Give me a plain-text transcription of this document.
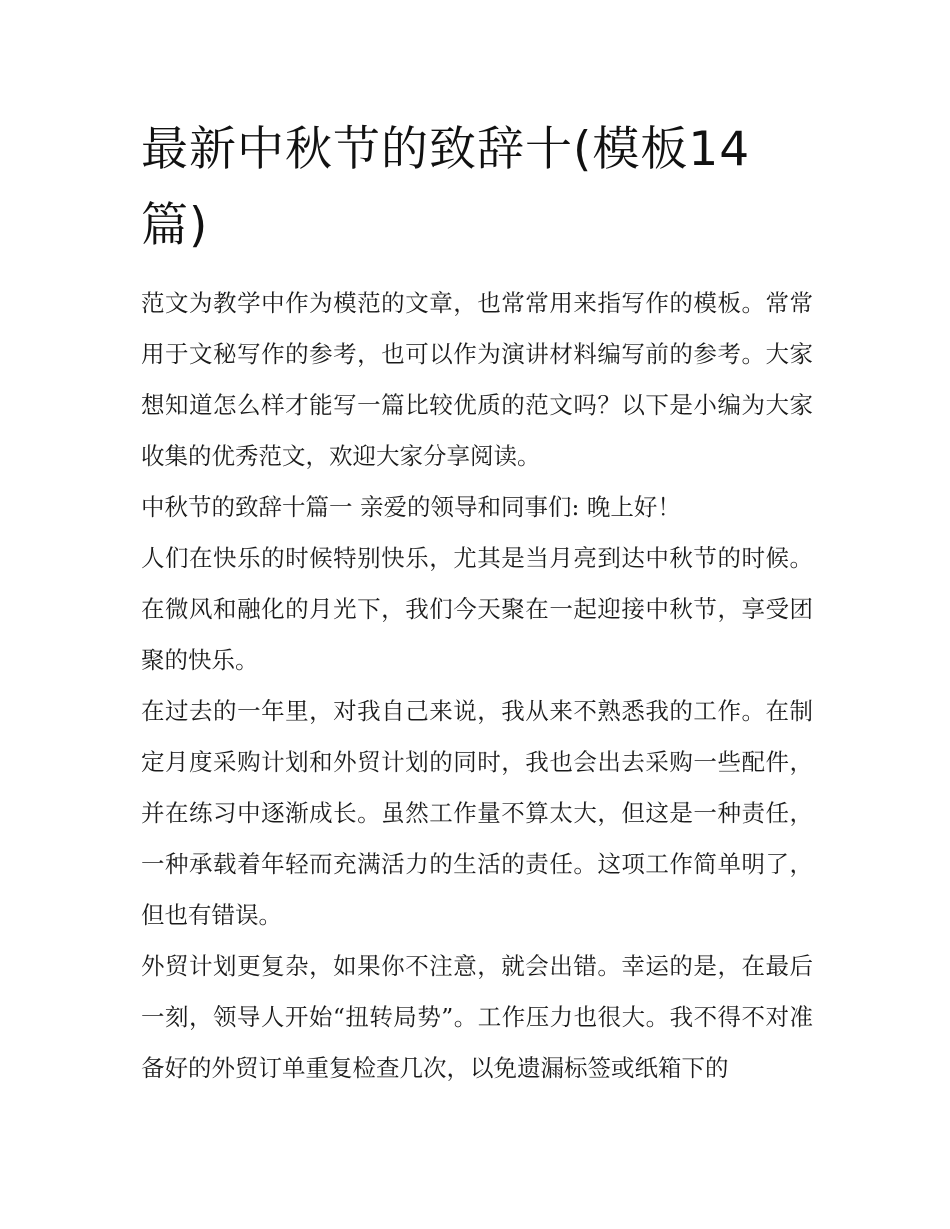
最新中秋节的致辞十(模板14篇)

范文为教学中作为模范的文章，也常常用来指写作的模板。常常用于文秘写作的参考，也可以作为演讲材料编写前的参考。大家想知道怎么样才能写一篇比较优质的范文吗？以下是小编为大家收集的优秀范文，欢迎大家分享阅读。

中秋节的致辞十篇一 亲爱的领导和同事们: 晚上好！

人们在快乐的时候特别快乐，尤其是当月亮到达中秋节的时候。在微风和融化的月光下，我们今天聚在一起迎接中秋节，享受团聚的快乐。

在过去的一年里，对我自己来说，我从来不熟悉我的工作。在制定月度采购计划和外贸计划的同时，我也会出去采购一些配件，并在练习中逐渐成长。虽然工作量不算太大，但这是一种责任，一种承载着年轻而充满活力的生活的责任。这项工作简单明了，但也有错误。

外贸计划更复杂，如果你不注意，就会出错。幸运的是，在最后一刻，领导人开始“扭转局势”。工作压力也很大。我不得不对准备好的外贸订单重复检查几次，以免遗漏标签或纸箱下的
